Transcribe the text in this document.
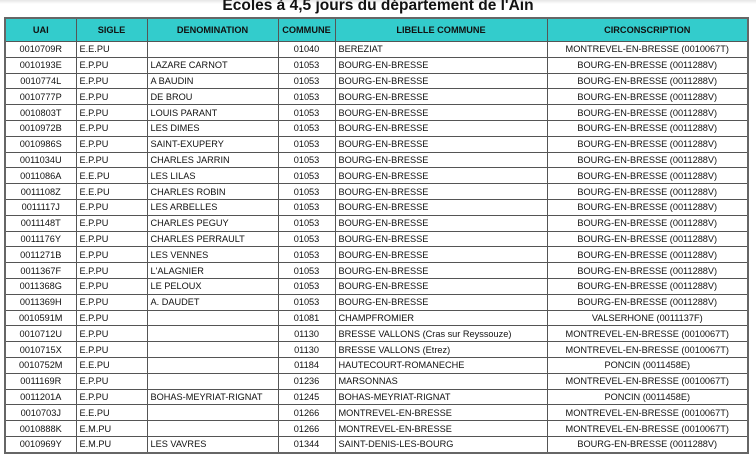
Ecoles à 4,5 jours du département de l'Ain
UAI	SIGLE	DENOMINATION	COMMUNE	LIBELLE COMMUNE	CIRCONSCRIPTION
0010709R	E.E.PU		01040	BEREZIAT	MONTREVEL-EN-BRESSE (0010067T)
0010193E	E.P.PU	LAZARE CARNOT	01053	BOURG-EN-BRESSE	BOURG-EN-BRESSE (0011288V)
0010774L	E.P.PU	A BAUDIN	01053	BOURG-EN-BRESSE	BOURG-EN-BRESSE (0011288V)
0010777P	E.P.PU	DE BROU	01053	BOURG-EN-BRESSE	BOURG-EN-BRESSE (0011288V)
0010803T	E.P.PU	LOUIS PARANT	01053	BOURG-EN-BRESSE	BOURG-EN-BRESSE (0011288V)
0010972B	E.P.PU	LES DIMES	01053	BOURG-EN-BRESSE	BOURG-EN-BRESSE (0011288V)
0010986S	E.P.PU	SAINT-EXUPERY	01053	BOURG-EN-BRESSE	BOURG-EN-BRESSE (0011288V)
0011034U	E.P.PU	CHARLES JARRIN	01053	BOURG-EN-BRESSE	BOURG-EN-BRESSE (0011288V)
0011086A	E.E.PU	LES LILAS	01053	BOURG-EN-BRESSE	BOURG-EN-BRESSE (0011288V)
0011108Z	E.E.PU	CHARLES ROBIN	01053	BOURG-EN-BRESSE	BOURG-EN-BRESSE (0011288V)
0011117J	E.P.PU	LES ARBELLES	01053	BOURG-EN-BRESSE	BOURG-EN-BRESSE (0011288V)
0011148T	E.P.PU	CHARLES PEGUY	01053	BOURG-EN-BRESSE	BOURG-EN-BRESSE (0011288V)
0011176Y	E.P.PU	CHARLES PERRAULT	01053	BOURG-EN-BRESSE	BOURG-EN-BRESSE (0011288V)
0011271B	E.P.PU	LES VENNES	01053	BOURG-EN-BRESSE	BOURG-EN-BRESSE (0011288V)
0011367F	E.P.PU	L'ALAGNIER	01053	BOURG-EN-BRESSE	BOURG-EN-BRESSE (0011288V)
0011368G	E.P.PU	LE PELOUX	01053	BOURG-EN-BRESSE	BOURG-EN-BRESSE (0011288V)
0011369H	E.P.PU	A. DAUDET	01053	BOURG-EN-BRESSE	BOURG-EN-BRESSE (0011288V)
0010591M	E.P.PU		01081	CHAMPFROMIER	VALSERHONE (0011137F)
0010712U	E.P.PU		01130	BRESSE VALLONS (Cras sur Reyssouze)	MONTREVEL-EN-BRESSE (0010067T)
0010715X	E.P.PU		01130	BRESSE VALLONS (Etrez)	MONTREVEL-EN-BRESSE (0010067T)
0010752M	E.E.PU		01184	HAUTECOURT-ROMANECHE	PONCIN (0011458E)
0011169R	E.P.PU		01236	MARSONNAS	MONTREVEL-EN-BRESSE (0010067T)
0011201A	E.P.PU	BOHAS-MEYRIAT-RIGNAT	01245	BOHAS-MEYRIAT-RIGNAT	PONCIN (0011458E)
0010703J	E.E.PU		01266	MONTREVEL-EN-BRESSE	MONTREVEL-EN-BRESSE (0010067T)
0010888K	E.M.PU		01266	MONTREVEL-EN-BRESSE	MONTREVEL-EN-BRESSE (0010067T)
0010969Y	E.M.PU	LES VAVRES	01344	SAINT-DENIS-LES-BOURG	BOURG-EN-BRESSE (0011288V)
